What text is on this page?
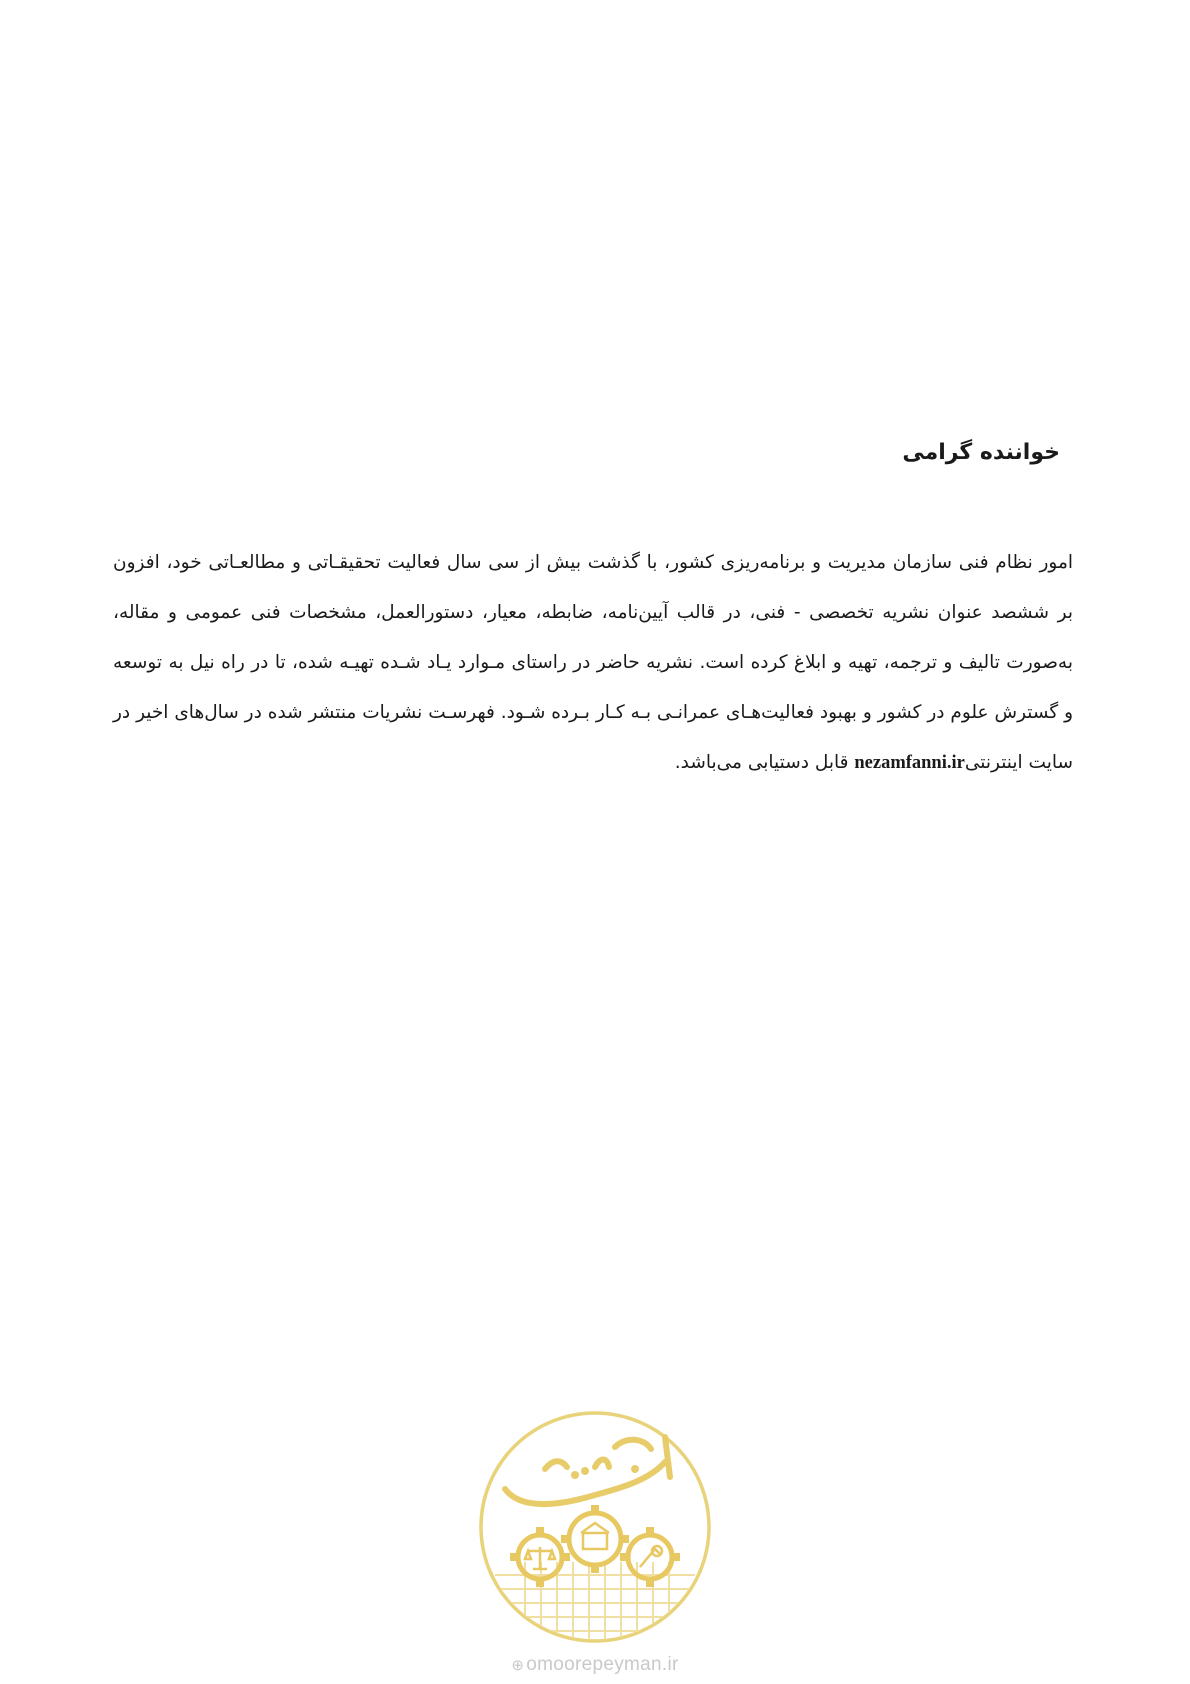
خواننده گرامی
امور نظام فنی سازمان مدیریت و برنامه‌ریزی کشور، با گذشت بیش از سی سال فعالیت تحقیقـاتی و مطالعـاتی خود، افزون بر ششصد عنوان نشریه تخصصی - فنی، در قالب آیین‌نامه، ضابطه، معیار، دستورالعمل، مشخصات فنی عمومی و مقاله، به‌صورت تالیف و ترجمه، تهیه و ابلاغ کرده است. نشریه حاضر در راستای مـوارد یـاد شـده تهیـه شده، تا در راه نیل به توسعه و گسترش علوم در کشور و بهبود فعالیت‌هـای عمرانـی بـه کـار بـرده شـود. فهرسـت نشریات منتشر شده در سال‌های اخیر در سایت اینترنتیnezamfanni.ir قابل دستیابی می‌باشد.
⊕ omoorepeyman.ir
